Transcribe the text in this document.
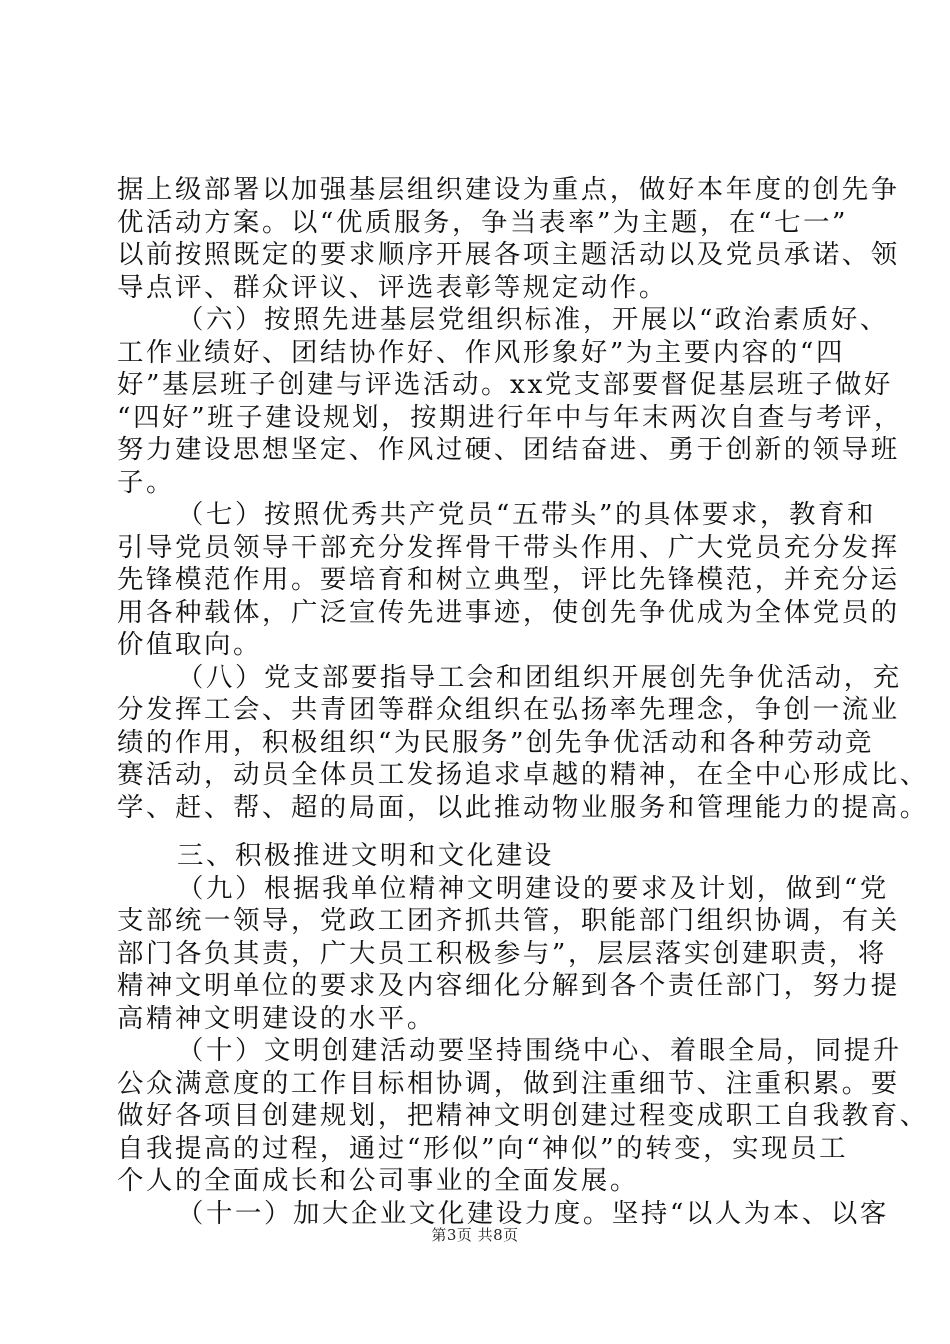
据上级部署以加强基层组织建设为重点，做好本年度的创先争
优活动方案。以“优质服务，争当表率”为主题，在“七一”
以前按照既定的要求顺序开展各项主题活动以及党员承诺、领
导点评、群众评议、评选表彰等规定动作。
（六）按照先进基层党组织标准，开展以“政治素质好、
工作业绩好、团结协作好、作风形象好”为主要内容的“四
好”基层班子创建与评选活动。xx党支部要督促基层班子做好
“四好”班子建设规划，按期进行年中与年末两次自查与考评，
努力建设思想坚定、作风过硬、团结奋进、勇于创新的领导班
子。
（七）按照优秀共产党员“五带头”的具体要求，教育和
引导党员领导干部充分发挥骨干带头作用、广大党员充分发挥
先锋模范作用。要培育和树立典型，评比先锋模范，并充分运
用各种载体，广泛宣传先进事迹，使创先争优成为全体党员的
价值取向。
（八）党支部要指导工会和团组织开展创先争优活动，充
分发挥工会、共青团等群众组织在弘扬率先理念，争创一流业
绩的作用，积极组织“为民服务”创先争优活动和各种劳动竞
赛活动，动员全体员工发扬追求卓越的精神，在全中心形成比、
学、赶、帮、超的局面，以此推动物业服务和管理能力的提高。
三、积极推进文明和文化建设
（九）根据我单位精神文明建设的要求及计划，做到“党
支部统一领导，党政工团齐抓共管，职能部门组织协调，有关
部门各负其责，广大员工积极参与”，层层落实创建职责，将
精神文明单位的要求及内容细化分解到各个责任部门，努力提
高精神文明建设的水平。
（十）文明创建活动要坚持围绕中心、着眼全局，同提升
公众满意度的工作目标相协调，做到注重细节、注重积累。要
做好各项目创建规划，把精神文明创建过程变成职工自我教育、
自我提高的过程，通过“形似”向“神似”的转变，实现员工
个人的全面成长和公司事业的全面发展。
（十一）加大企业文化建设力度。坚持“以人为本、以客
第3页 共8页
